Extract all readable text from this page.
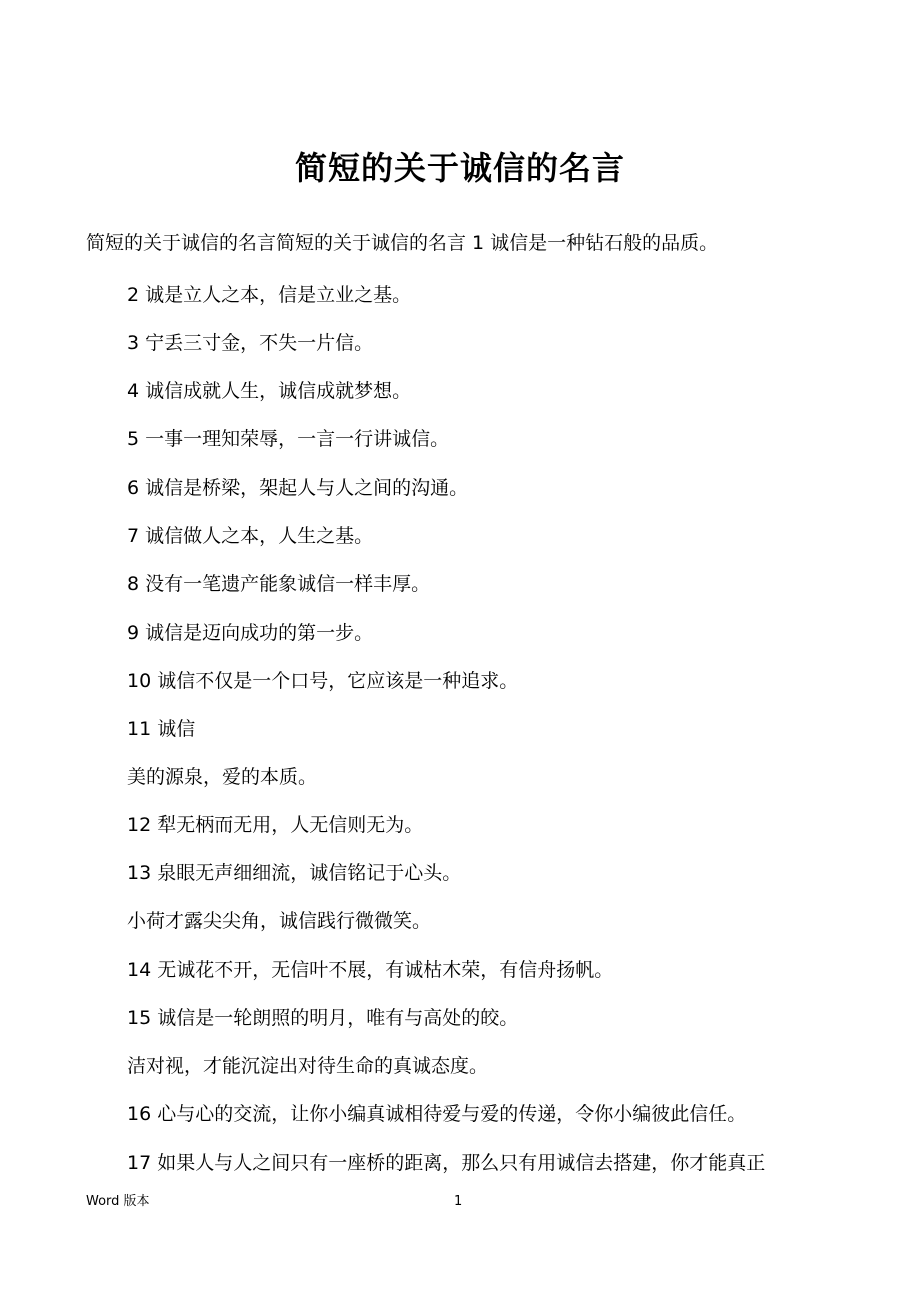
简短的关于诚信的名言
简短的关于诚信的名言简短的关于诚信的名言 1 诚信是一种钻石般的品质。
2 诚是立人之本，信是立业之基。
3 宁丢三寸金，不失一片信。
4 诚信成就人生，诚信成就梦想。
5 一事一理知荣辱，一言一行讲诚信。
6 诚信是桥梁，架起人与人之间的沟通。
7 诚信做人之本，人生之基。
8 没有一笔遗产能象诚信一样丰厚。
9 诚信是迈向成功的第一步。
10 诚信不仅是一个口号，它应该是一种追求。
11 诚信
美的源泉，爱的本质。
12 犁无柄而无用，人无信则无为。
13 泉眼无声细细流，诚信铭记于心头。
小荷才露尖尖角，诚信践行微微笑。
14 无诚花不开，无信叶不展，有诚枯木荣，有信舟扬帆。
15 诚信是一轮朗照的明月，唯有与高处的皎。
洁对视，才能沉淀出对待生命的真诚态度。
16 心与心的交流，让你小编真诚相待爱与爱的传递，令你小编彼此信任。
17 如果人与人之间只有一座桥的距离，那么只有用诚信去搭建，你才能真正
Word 版本	1
